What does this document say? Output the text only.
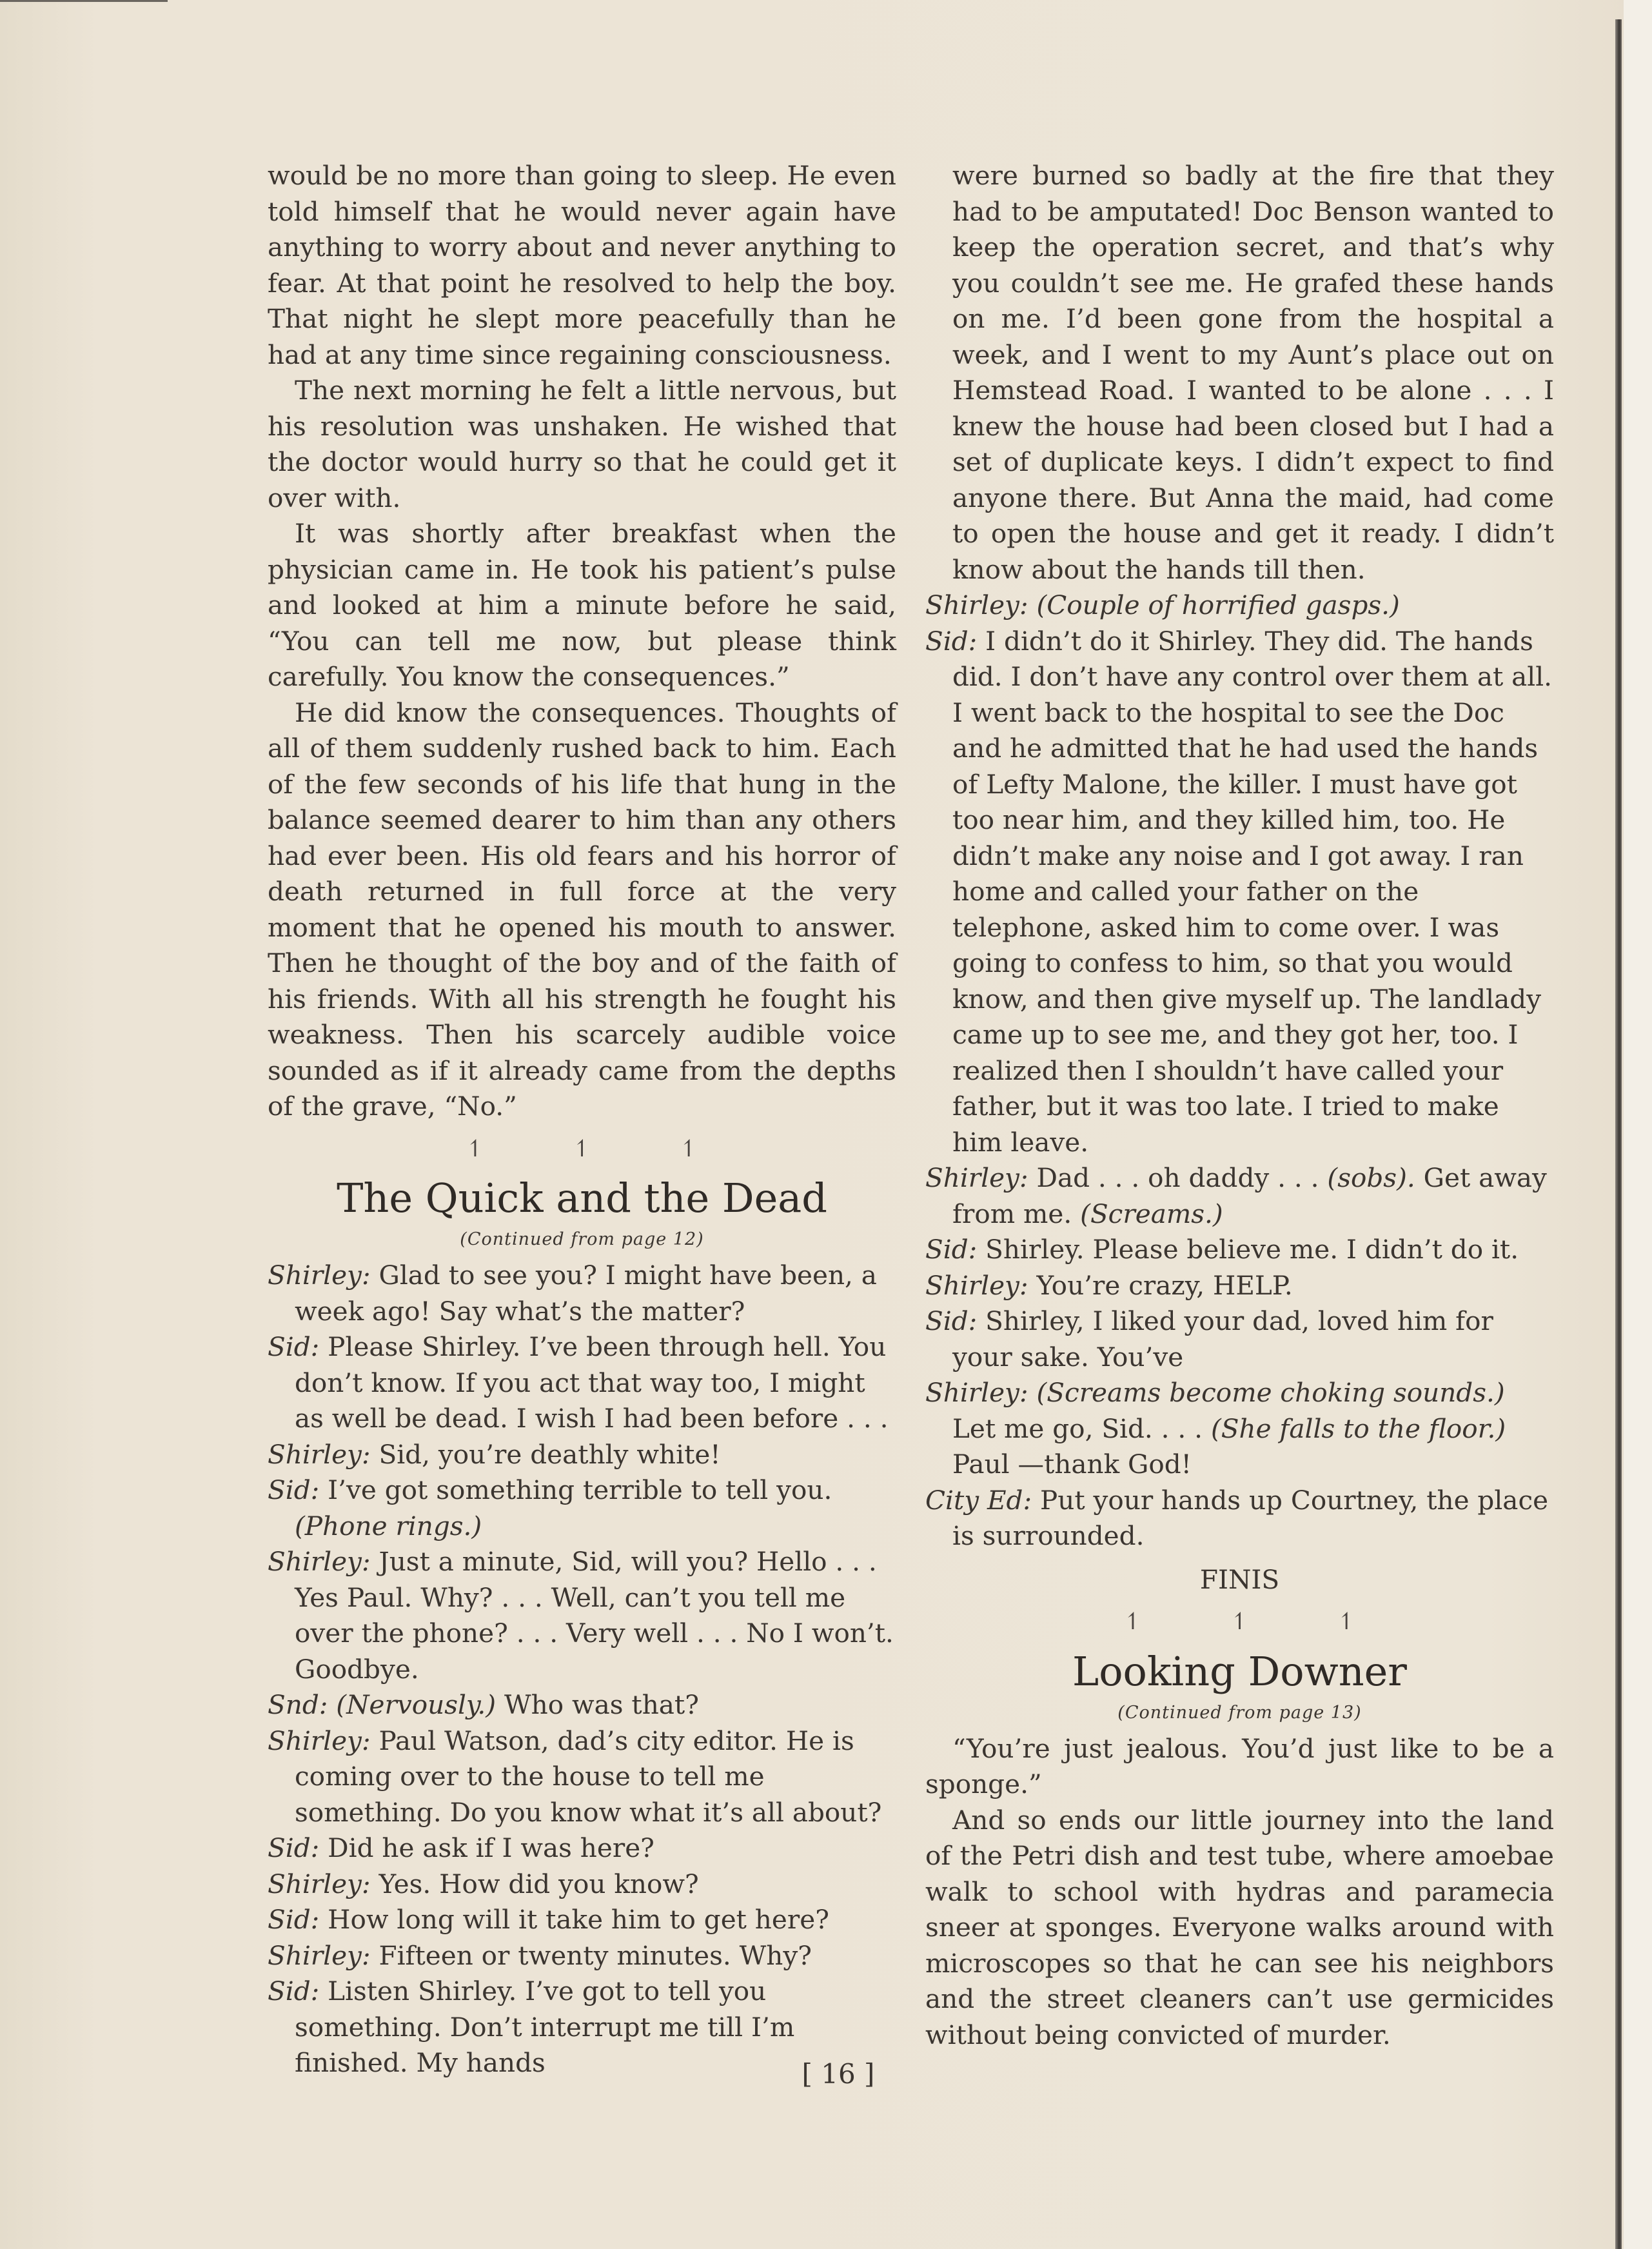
would be no more than going to sleep. He even told himself that he would never again have anything to worry about and never anything to fear. At that point he resolved to help the boy. That night he slept more peacefully than he had at any time since regaining consciousness.

The next morning he felt a little nervous, but his resolution was unshaken. He wished that the doctor would hurry so that he could get it over with.

It was shortly after breakfast when the physician came in. He took his patient’s pulse and looked at him a minute before he said, “You can tell me now, but please think carefully. You know the consequences.”

He did know the consequences. Thoughts of all of them suddenly rushed back to him. Each of the few seconds of his life that hung in the balance seemed dearer to him than any others had ever been. His old fears and his horror of death returned in full force at the very moment that he opened his mouth to answer. Then he thought of the boy and of the faith of his friends. With all his strength he fought his weakness. Then his scarcely audible voice sounded as if it already came from the depths of the grave, “No.”

↿ ↿ ↿
The Quick and the Dead
(Continued from page 12)

Shirley: Glad to see you? I might have been, a week ago! Say what’s the matter?

Sid: Please Shirley. I’ve been through hell. You don’t know. If you act that way too, I might as well be dead. I wish I had been before . . .

Shirley: Sid, you’re deathly white!

Sid: I’ve got something terrible to tell you.
(Phone rings.)

Shirley: Just a minute, Sid, will you? Hello . . . Yes Paul. Why? . . . Well, can’t you tell me over the phone? . . . Very well . . . No I won’t. Goodbye.

Snd: (Nervously.) Who was that?

Shirley: Paul Watson, dad’s city editor. He is coming over to the house to tell me something. Do you know what it’s all about?

Sid: Did he ask if I was here?

Shirley: Yes. How did you know?

Sid: How long will it take him to get here?

Shirley: Fifteen or twenty minutes. Why?

Sid: Listen Shirley. I’ve got to tell you something. Don’t interrupt me till I’m finished. My hands

were burned so badly at the fire that they had to be amputated! Doc Benson wanted to keep the operation secret, and that’s why you couldn’t see me. He grafed these hands on me. I’d been gone from the hospital a week, and I went to my Aunt’s place out on Hemstead Road. I wanted to be alone . . . I knew the house had been closed but I had a set of duplicate keys. I didn’t expect to find anyone there. But Anna the maid, had come to open the house and get it ready. I didn’t know about the hands till then.

Shirley: (Couple of horrified gasps.)

Sid: I didn’t do it Shirley. They did. The hands did. I don’t have any control over them at all. I went back to the hospital to see the Doc and he admitted that he had used the hands of Lefty Malone, the killer. I must have got too near him, and they killed him, too. He didn’t make any noise and I got away. I ran home and called your father on the telephone, asked him to come over. I was going to confess to him, so that you would know, and then give myself up. The landlady came up to see me, and they got her, too. I realized then I shouldn’t have called your father, but it was too late. I tried to make him leave.

Shirley: Dad . . . oh daddy . . . (sobs). Get away from me. (Screams.)

Sid: Shirley. Please believe me. I didn’t do it.

Shirley: You’re crazy, HELP.

Sid: Shirley, I liked your dad, loved him for your sake. You’ve

Shirley: (Screams become choking sounds.) Let me go, Sid. . . . (She falls to the floor.) Paul —thank God!

City Ed: Put your hands up Courtney, the place is surrounded.

FINIS
↿ ↿ ↿
Looking Downer
(Continued from page 13)

“You’re just jealous. You’d just like to be a sponge.”

And so ends our little journey into the land of the Petri dish and test tube, where amoebae walk to school with hydras and paramecia sneer at sponges. Everyone walks around with microscopes so that he can see his neighbors and the street cleaners can’t use germicides without being convicted of murder.

[ 16 ]
